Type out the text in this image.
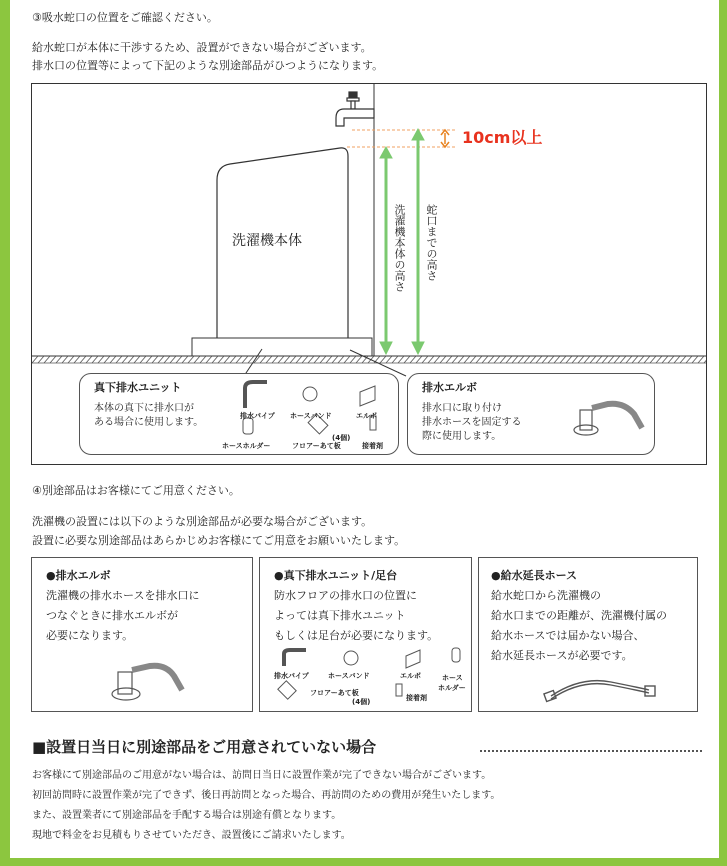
③吸水蛇口の位置をご確認ください。
給水蛇口が本体に干渉するため、設置ができない場合がございます。
排水口の位置等によって下記のような別途部品がひつようになります。
10cm以上
洗濯機本体	洗濯機本体の高さ 蛇口までの高さ
真下排水ユニット
本体の真下に排水口が
ある場合に使用します。
排水パイプ ホースバンド	エルボ
ホースホルダー	フロアーあて板
(4個)
接着剤
排水エルボ
排水口に取り付け
排水ホースを固定する
際に使用します。
④別途部品はお客様にてご用意ください。
洗濯機の設置には以下のような別途部品が必要な場合がございます。
設置に必要な別途部品はあらかじめお客様にてご用意をお願いいたします。
●排水エルボ
洗濯機の排水ホースを排水口に
つなぐときに排水エルボが
必要になります。
●真下排水ユニット/足台
防水フロアの排水口の位置に
よっては真下排水ユニット
もしくは足台が必要になります。
排水パイプ	ホースバンド	エルボ	ホース
ホルダー
フロアーあて板
(4個)	接着剤
●給水延長ホース
給水蛇口から洗濯機の
給水口までの距離が、洗濯機付属の
給水ホースでは届かない場合、
給水延長ホースが必要です。
■設置日当日に別途部品をご用意されていない場合
お客様にて別途部品のご用意がない場合は、訪問日当日に設置作業が完了できない場合がございます。
初回訪問時に設置作業が完了できず、後日再訪問となった場合、再訪問のための費用が発生いたします。
また、設置業者にて別途部品を手配する場合は別途有償となります。
現地で料金をお見積もりさせていただき、設置後にご請求いたします。
